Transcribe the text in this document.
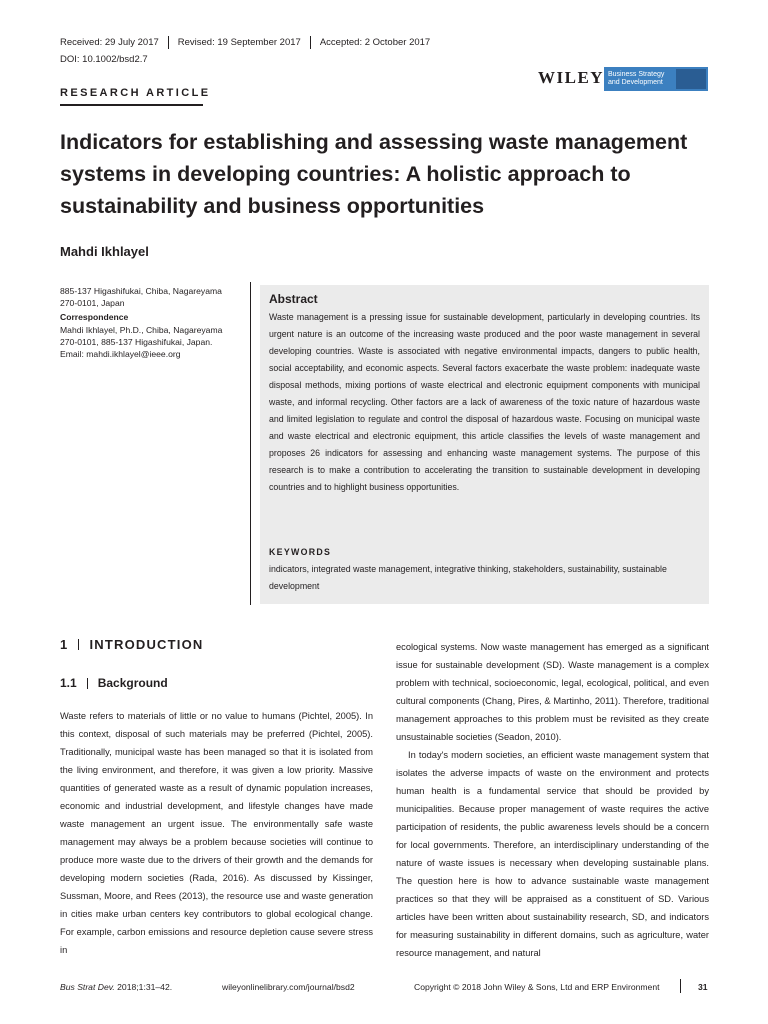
Received: 29 July 2017 Revised: 19 September 2017 Accepted: 2 October 2017
DOI: 10.1002/bsd2.7
WILEY Business Strategy and Development
RESEARCH ARTICLE
Indicators for establishing and assessing waste management systems in developing countries: A holistic approach to sustainability and business opportunities
Mahdi Ikhlayel
885-137 Higashifukai, Chiba, Nagareyama
270-0101, Japan
Correspondence
Mahdi Ikhlayel, Ph.D., Chiba, Nagareyama
270-0101, 885-137 Higashifukai, Japan.
Email: mahdi.ikhlayel@ieee.org
Abstract
Waste management is a pressing issue for sustainable development, particularly in developing countries. Its urgent nature is an outcome of the increasing waste produced and the poor waste management in several developing countries. Waste is associated with negative environmental impacts, dangers to public health, social acceptability, and economic aspects. Several factors exacerbate the waste problem: inadequate waste disposal methods, mixing portions of waste electrical and electronic equipment components with municipal waste, and informal recycling. Other factors are a lack of awareness of the toxic nature of hazardous waste and limited legislation to regulate and control the disposal of hazardous waste. Focusing on municipal waste and waste electrical and electronic equipment, this article classifies the levels of waste management and proposes 26 indicators for assessing and enhancing waste management systems. The purpose of this research is to make a contribution to accelerating the transition to sustainable development in developing countries and to highlight business opportunities.
KEYWORDS
indicators, integrated waste management, integrative thinking, stakeholders, sustainability, sustainable development
1 INTRODUCTION
1.1 Background
Waste refers to materials of little or no value to humans (Pichtel, 2005). In this context, disposal of such materials may be preferred (Pichtel, 2005). Traditionally, municipal waste has been managed so that it is isolated from the living environment, and therefore, it was given a low priority. Massive quantities of generated waste as a result of dynamic population increases, economic and industrial development, and lifestyle changes have made waste management an urgent issue. The environmentally safe waste management may always be a problem because societies will continue to produce more waste due to the drivers of their growth and the demands for developing modern societies (Rada, 2016). As discussed by Kissinger, Sussman, Moore, and Rees (2013), the resource use and waste generation in cities make urban centers key contributors to global ecological change. For example, carbon emissions and resource depletion cause severe stress in

ecological systems. Now waste management has emerged as a significant issue for sustainable development (SD). Waste management is a complex problem with technical, socioeconomic, legal, ecological, political, and even cultural components (Chang, Pires, & Martinho, 2011). Therefore, traditional management approaches to this problem must be revisited as they create unsustainable societies (Seadon, 2010).

In today's modern societies, an efficient waste management system that isolates the adverse impacts of waste on the environment and protects human health is a fundamental service that should be provided by municipalities. Because proper management of waste requires the active participation of residents, the public awareness levels should be a concern for local governments. Therefore, an interdisciplinary understanding of the nature of waste issues is necessary when developing sustainable plans. The question here is how to advance sustainable waste management practices so that they will be appraised as a constituent of SD. Various articles have been written about sustainability research, SD, and indicators for measuring sustainability in different domains, such as agriculture, water resource management, and natural

Bus Strat Dev. 2018;1:31–42.	wileyonlinelibrary.com/journal/bsd2	Copyright © 2018 John Wiley & Sons, Ltd and ERP Environment	31
